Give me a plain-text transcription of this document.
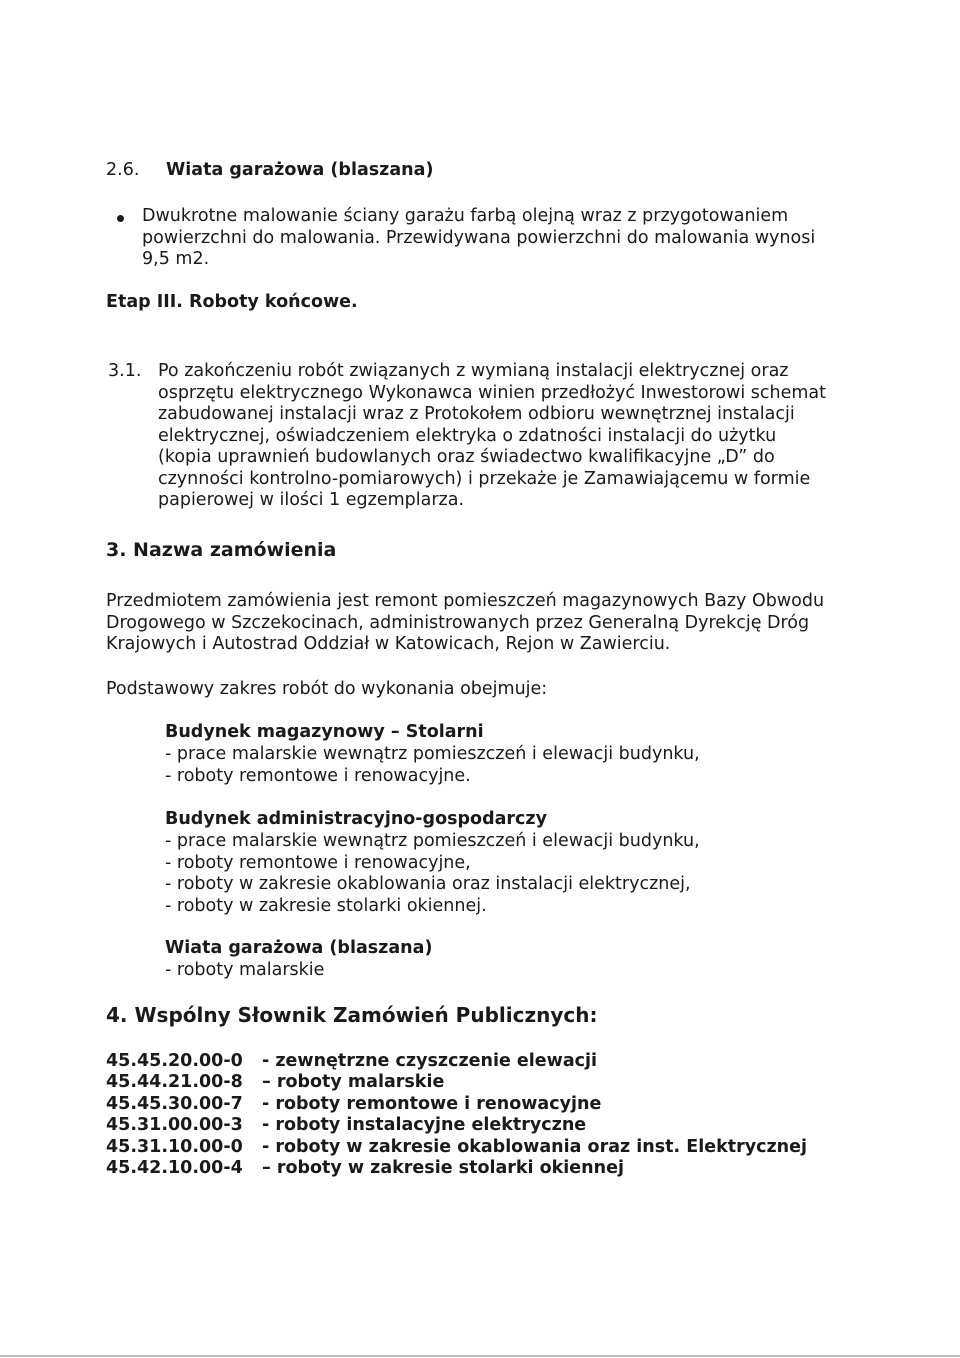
2.6. Wiata garażowa (blaszana)
Dwukrotne malowanie ściany garażu farbą olejną wraz z przygotowaniem
powierzchni do malowania. Przewidywana powierzchni do malowania wynosi
9,5 m2.
Etap III. Roboty końcowe.
3.1. Po zakończeniu robót związanych z wymianą instalacji elektrycznej oraz
osprzętu elektrycznego Wykonawca winien przedłożyć Inwestorowi schemat
zabudowanej instalacji wraz z Protokołem odbioru wewnętrznej instalacji
elektrycznej, oświadczeniem elektryka o zdatności instalacji do użytku
(kopia uprawnień budowlanych oraz świadectwo kwalifikacyjne „D” do
czynności kontrolno-pomiarowych) i przekaże je Zamawiającemu w formie
papierowej w ilości 1 egzemplarza.
3. Nazwa zamówienia
Przedmiotem zamówienia jest remont pomieszczeń magazynowych Bazy Obwodu
Drogowego w Szczekocinach, administrowanych przez Generalną Dyrekcję Dróg
Krajowych i Autostrad Oddział w Katowicach, Rejon w Zawierciu.
Podstawowy zakres robót do wykonania obejmuje:
Budynek magazynowy – Stolarni
- prace malarskie wewnątrz pomieszczeń i elewacji budynku,
- roboty remontowe i renowacyjne.
Budynek administracyjno-gospodarczy
- prace malarskie wewnątrz pomieszczeń i elewacji budynku,
- roboty remontowe i renowacyjne,
- roboty w zakresie okablowania oraz instalacji elektrycznej,
- roboty w zakresie stolarki okiennej.
Wiata garażowa (blaszana)
- roboty malarskie
4. Wspólny Słownik Zamówień Publicznych:
45.45.20.00-0 - zewnętrzne czyszczenie elewacji
45.44.21.00-8 – roboty malarskie
45.45.30.00-7 - roboty remontowe i renowacyjne
45.31.00.00-3 - roboty instalacyjne elektryczne
45.31.10.00-0 - roboty w zakresie okablowania oraz inst. Elektrycznej
45.42.10.00-4 – roboty w zakresie stolarki okiennej
